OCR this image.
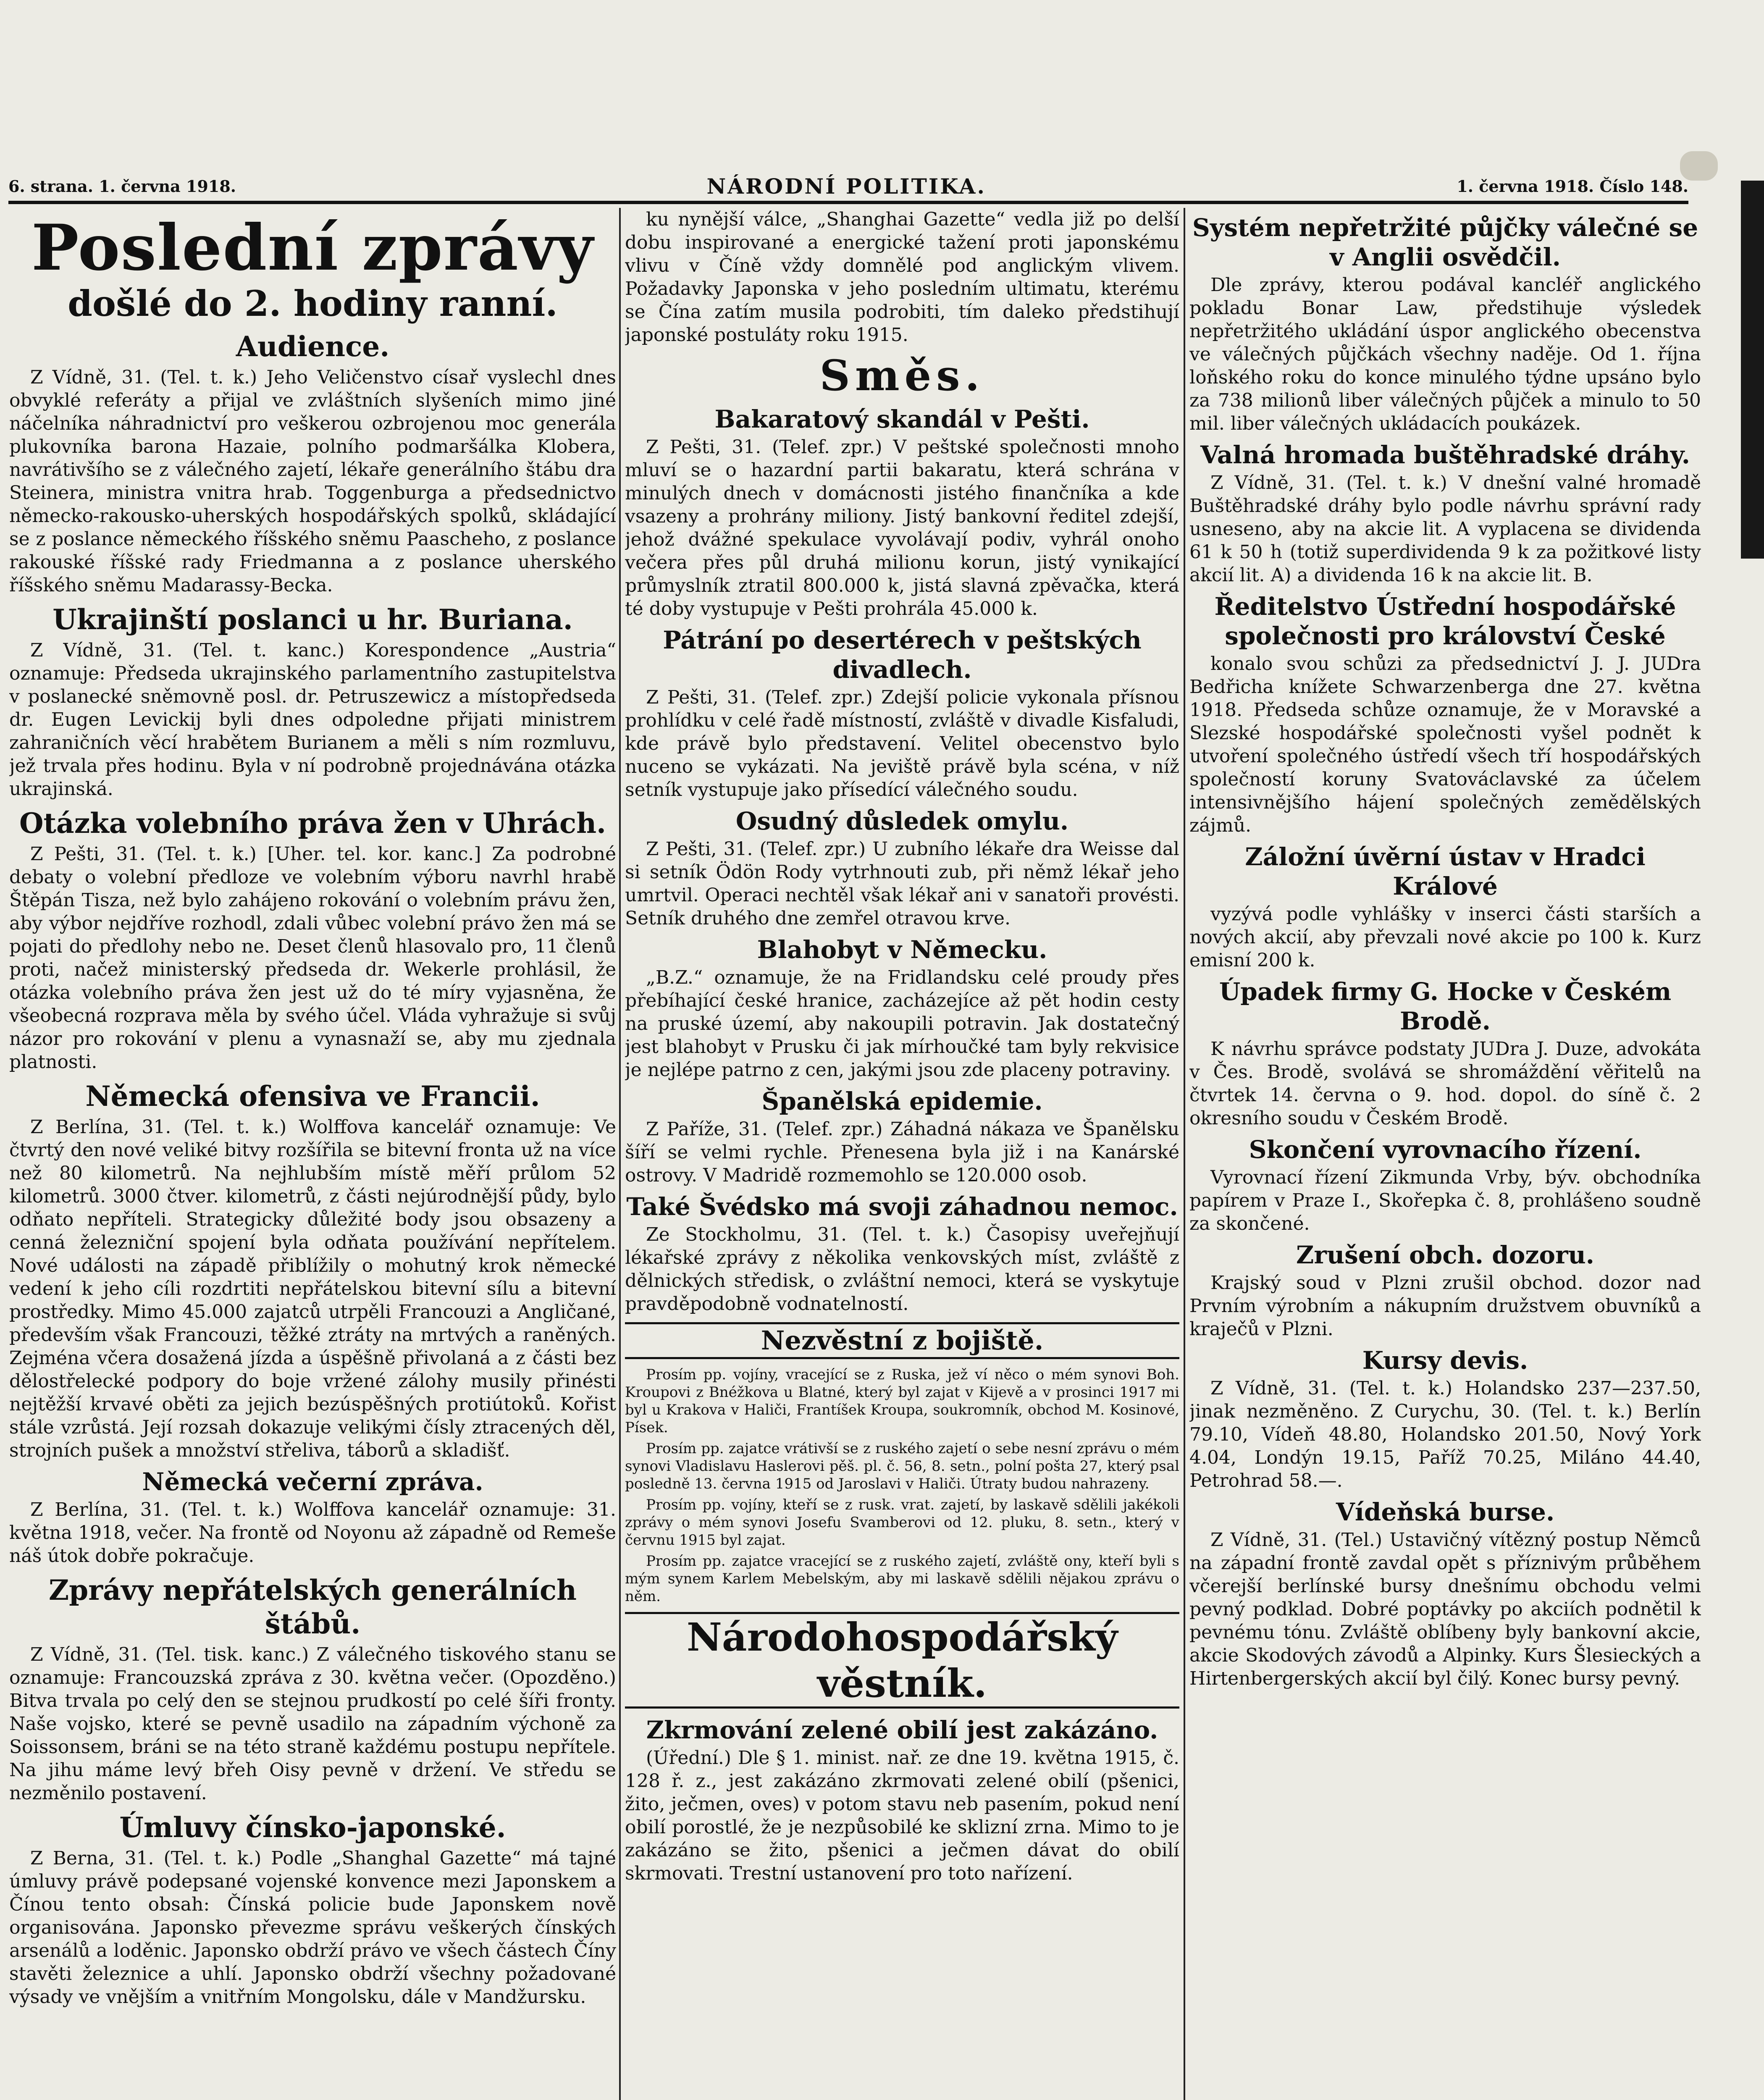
6. strana. 1. června 1918.	NÁRODNÍ POLITIKA.	1. června 1918. Číslo 148.
Poslední zprávy
došlé do 2. hodiny ranní.
Audience.

Z Vídně, 31. (Tel. t. k.) Jeho Veličenstvo císař vyslechl dnes obvyklé referáty a přijal ve zvláštních slyšeních mimo jiné náčelníka náhradnictví pro veškerou ozbrojenou moc generála plukovníka barona Hazaie, polního podmaršálka Klobera, navrátivšího se z válečného zajetí, lékaře generálního štábu dra Steinera, ministra vnitra hrab. Toggenburga a předsednictvo německo-rakousko-uherských hospodářských spolků, skládající se z poslance německého říšského sněmu Paascheho, z poslance rakouské říšské rady Friedmanna a z poslance uherského říšského sněmu Madarassy-Becka.

Ukrajinští poslanci u hr. Buriana.

Z Vídně, 31. (Tel. t. kanc.) Korespondence „Austria“ oznamuje: Předseda ukrajinského parlamentního zastupitelstva v poslanecké sněmovně posl. dr. Petruszewicz a místopředseda dr. Eugen Levickij byli dnes odpoledne přijati ministrem zahraničních věcí hrabětem Burianem a měli s ním rozmluvu, jež trvala přes hodinu. Byla v ní podrobně projednávána otázka ukrajinská.

Otázka volebního práva žen v Uhrách.

Z Pešti, 31. (Tel. t. k.) [Uher. tel. kor. kanc.] Za podrobné debaty o volební předloze ve volebním výboru navrhl hrabě Štěpán Tisza, než bylo zahájeno rokování o volebním právu žen, aby výbor nejdříve rozhodl, zdali vůbec volební právo žen má se pojati do předlohy nebo ne. Deset členů hlasovalo pro, 11 členů proti, načež ministerský předseda dr. Wekerle prohlásil, že otázka volebního práva žen jest už do té míry vyjasněna, že všeobecná rozprava měla by svého účel. Vláda vyhražuje si svůj názor pro rokování v plenu a vynasnaží se, aby mu zjednala platnosti.

Německá ofensiva ve Francii.

Z Berlína, 31. (Tel. t. k.) Wolffova kancelář oznamuje: Ve čtvrtý den nové veliké bitvy rozšířila se bitevní fronta už na více než 80 kilometrů. Na nejhlubším místě měří průlom 52 kilometrů. 3000 čtver. kilometrů, z části nejúrodnější půdy, bylo odňato nepříteli. Strategicky důležité body jsou obsazeny a cenná železniční spojení byla odňata používání nepřítelem. Nové události na západě přiblížily o mohutný krok německé vedení k jeho cíli rozdrtiti nepřátelskou bitevní sílu a bitevní prostředky. Mimo 45.000 zajatců utrpěli Francouzi a Angličané, především však Francouzi, těžké ztráty na mrtvých a raněných. Zejména včera dosažená jízda a úspěšně přivolaná a z části bez dělostřelecké podpory do boje vržené zálohy musily přinésti nejtěžší krvavé oběti za jejich bezúspěšných protiútoků. Kořist stále vzrůstá. Její rozsah dokazuje velikými čísly ztracených děl, strojních pušek a množství střeliva, táborů a skladišť.

Německá večerní zpráva.

Z Berlína, 31. (Tel. t. k.) Wolffova kancelář oznamuje: 31. května 1918, večer. Na frontě od Noyonu až západně od Remeše náš útok dobře pokračuje.

Zprávy nepřátelských generálních štábů.

Z Vídně, 31. (Tel. tisk. kanc.) Z válečného tiskového stanu se oznamuje: Francouzská zpráva z 30. května večer. (Opozděno.) Bitva trvala po celý den se stejnou prudkostí po celé šíři fronty. Naše vojsko, které se pevně usadilo na západním výchoně za Soissonsem, bráni se na této straně každému postupu nepřítele. Na jihu máme levý břeh Oisy pevně v držení. Ve středu se nezměnilo postavení.

Úmluvy čínsko-japonské.

Z Berna, 31. (Tel. t. k.) Podle „Shanghal Gazette“ má tajné úmluvy právě podepsané vojenské konvence mezi Japonskem a Čínou tento obsah: Čínská policie bude Japonskem nově organisována. Japonsko převezme správu veškerých čínských arsenálů a loděnic. Japonsko obdrží právo ve všech částech Číny stavěti železnice a uhlí. Japonsko obdrží všechny požadované výsady ve vnějším a vnitřním Mongolsku, dále v Mandžursku.

ku nynější válce, „Shanghai Gazette“ vedla již po delší dobu inspirované a energické tažení proti japonskému vlivu v Číně vždy domnělé pod anglickým vlivem. Požadavky Japonska v jeho posledním ultimatu, kterému se Čína zatím musila podrobiti, tím daleko předstihují japonské postuláty roku 1915.

Směs.
Bakaratový skandál v Pešti.

Z Pešti, 31. (Telef. zpr.) V peštské společnosti mnoho mluví se o hazardní partii bakaratu, která schrána v minulých dnech v domácnosti jistého finančníka a kde vsazeny a prohrány miliony. Jistý bankovní ředitel zdejší, jehož dvážné spekulace vyvolávají podiv, vyhrál onoho večera přes půl druhá milionu korun, jistý vynikající průmyslník ztratil 800.000 k, jistá slavná zpěvačka, která té doby vystupuje v Pešti prohrála 45.000 k.

Pátrání po desertérech v peštských divadlech.

Z Pešti, 31. (Telef. zpr.) Zdejší policie vykonala přísnou prohlídku v celé řadě místností, zvláště v divadle Kisfaludi, kde právě bylo představení. Velitel obecenstvo bylo nuceno se vykázati. Na jeviště právě byla scéna, v níž setník vystupuje jako přísedící válečného soudu.

Osudný důsledek omylu.

Z Pešti, 31. (Telef. zpr.) U zubního lékaře dra Weisse dal si setník Ödön Rody vytrhnouti zub, při němž lékař jeho umrtvil. Operaci nechtěl však lékař ani v sanatoři provésti. Setník druhého dne zemřel otravou krve.

Blahobyt v Německu.

„B.Z.“ oznamuje, že na Fridlandsku celé proudy přes přebíhající české hranice, zacházejíce až pět hodin cesty na pruské území, aby nakoupili potravin. Jak dostatečný jest blahobyt v Prusku či jak mírhoučké tam byly rekvisice je nejlépe patrno z cen, jakými jsou zde placeny potraviny.

Španělská epidemie.

Z Paříže, 31. (Telef. zpr.) Záhadná nákaza ve Španělsku šíří se velmi rychle. Přenesena byla již i na Kanárské ostrovy. V Madridě rozmemohlo se 120.000 osob.

Také Švédsko má svoji záhadnou nemoc.

Ze Stockholmu, 31. (Tel. t. k.) Časopisy uveřejňují lékařské zprávy z několika venkovských míst, zvláště z dělnických středisk, o zvláštní nemoci, která se vyskytuje pravděpodobně vodnatelností.

Nezvěstní z bojiště.

Prosím pp. vojíny, vracející se z Ruska, jež ví něco o mém synovi Boh. Kroupovi z Bnéžkova u Blatné, který byl zajat v Kijevě a v prosinci 1917 mi byl u Krakova v Haliči, Frantíšek Kroupa, soukromník, obchod M. Kosinové, Písek.

Prosím pp. zajatce vrátivší se z ruského zajetí o sebe nesní zprávu o mém synovi Vladislavu Haslerovi pěš. pl. č. 56, 8. setn., polní pošta 27, který psal posledně 13. června 1915 od Jaroslavi v Haliči. Útraty budou nahrazeny.

Prosím pp. vojíny, kteří se z rusk. vrat. zajetí, by laskavě sdělili jakékoli zprávy o mém synovi Josefu Svamberovi od 12. pluku, 8. setn., který v červnu 1915 byl zajat.

Prosím pp. zajatce vracející se z ruského zajetí, zvláště ony, kteří byli s mým synem Karlem Mebelským, aby mi laskavě sdělili nějakou zprávu o něm.

Národohospodářský věstník.
Zkrmování zelené obilí jest zakázáno.

(Úřední.) Dle § 1. minist. nař. ze dne 19. května 1915, č. 128 ř. z., jest zakázáno zkrmovati zelené obilí (pšenici, žito, ječmen, oves) v potom stavu neb pasením, pokud není obilí porostlé, že je nezpůsobilé ke sklizní zrna. Mimo to je zakázáno se žito, pšenici a ječmen dávat do obilí skrmovati. Trestní ustanovení pro toto nařízení.

Systém nepřetržité půjčky válečné se v Anglii osvědčil.

Dle zprávy, kterou podával kancléř anglického pokladu Bonar Law, předstihuje výsledek nepřetržitého ukládání úspor anglického obecenstva ve válečných půjčkách všechny naděje. Od 1. října loňského roku do konce minulého týdne upsáno bylo za 738 milionů liber válečných půjček a minulo to 50 mil. liber válečných ukládacích poukázek.

Valná hromada buštěhradské dráhy.

Z Vídně, 31. (Tel. t. k.) V dnešní valné hromadě Buštěhradské dráhy bylo podle návrhu správní rady usneseno, aby na akcie lit. A vyplacena se dividenda 61 k 50 h (totiž superdividenda 9 k za požitkové listy akcií lit. A) a dividenda 16 k na akcie lit. B.

Ředitelstvo Ústřední hospodářské společnosti pro království České

konalo svou schůzi za předsednictví J. J. JUDra Bedřicha knížete Schwarzenberga dne 27. května 1918. Předseda schůze oznamuje, že v Moravské a Slezské hospodářské společnosti vyšel podnět k utvoření společného ústředí všech tří hospodářských společností koruny Svatováclavské za účelem intensivnějšího hájení společných zemědělských zájmů.

Záložní úvěrní ústav v Hradci Králové

vyzývá podle vyhlášky v inserci části starších a nových akcií, aby převzali nové akcie po 100 k. Kurz emisní 200 k.

Úpadek firmy G. Hocke v Českém Brodě.

K návrhu správce podstaty JUDra J. Duze, advokáta v Čes. Brodě, svolává se shromáždění věřitelů na čtvrtek 14. června o 9. hod. dopol. do síně č. 2 okresního soudu v Českém Brodě.

Skončení vyrovnacího řízení.

Vyrovnací řízení Zikmunda Vrby, býv. obchodníka papírem v Praze I., Skořepka č. 8, prohlášeno soudně za skončené.

Zrušení obch. dozoru.

Krajský soud v Plzni zrušil obchod. dozor nad Prvním výrobním a nákupním družstvem obuvníků a kraječů v Plzni.

Kursy devis.

Z Vídně, 31. (Tel. t. k.) Holandsko 237—237.50, jinak nezměněno. Z Curychu, 30. (Tel. t. k.) Berlín 79.10, Vídeň 48.80, Holandsko 201.50, Nový York 4.04, Londýn 19.15, Paříž 70.25, Miláno 44.40, Petrohrad 58.—.

Vídeňská burse.

Z Vídně, 31. (Tel.) Ustavičný vítězný postup Němců na západní frontě zavdal opět s příznivým průběhem včerejší berlínské bursy dnešnímu obchodu velmi pevný podklad. Dobré poptávky po akciích podnětil k pevnému tónu. Zvláště oblíbeny byly bankovní akcie, akcie Skodových závodů a Alpinky. Kurs Šlesieckých a Hirtenbergerských akcií byl čilý. Konec bursy pevný.
